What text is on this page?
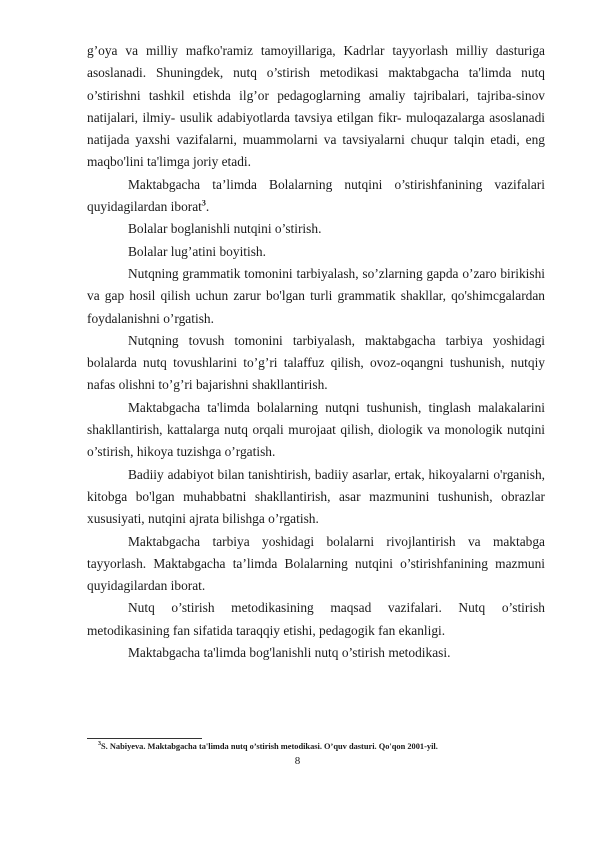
g’oya va milliy mafko'ramiz tamoyillariga, Kadrlar tayyorlash milliy dasturiga asoslanadi. Shuningdek, nutq o’stirish metodikasi maktabgacha ta'limda nutq o’stirishni tashkil etishda ilg’or pedagoglarning amaliy tajribalari, tajriba-sinov natijalari, ilmiy- usulik adabiyotlarda tavsiya etilgan fikr- muloqazalarga asoslanadi natijada yaxshi vazifalarni, muammolarni va tavsiyalarni chuqur talqin etadi, eng maqbo'lini ta'limga joriy etadi.

Maktabgacha ta’limda Bolalarning nutqini o’stirishfanining vazifalari quyidagilardan iborat$^3$.

Bolalar boglanishli nutqini o’stirish.

Bolalar lug’atini boyitish.

Nutqning grammatik tomonini tarbiyalash, so’zlarning gapda o’zaro birikishi va gap hosil qilish uchun zarur bo'lgan turli grammatik shakllar, qo'shimcgalardan foydalanishni o’rgatish.

Nutqning tovush tomonini tarbiyalash, maktabgacha tarbiya yoshidagi bolalarda nutq tovushlarini to’g’ri talaffuz qilish, ovoz-oqangni tushunish, nutqiy nafas olishni to’g’ri bajarishni shakllantirish.

Maktabgacha ta'limda bolalarning nutqni tushunish, tinglash malakalarini shakllantirish, kattalarga nutq orqali murojaat qilish, diologik va monologik nutqini o’stirish, hikoya tuzishga o’rgatish.

Badiiy adabiyot bilan tanishtirish, badiiy asarlar, ertak, hikoyalarni o'rganish, kitobga bo'lgan muhabbatni shakllantirish, asar mazmunini tushunish, obrazlar xususiyati, nutqini ajrata bilishga o’rgatish.

Maktabgacha tarbiya yoshidagi bolalarni rivojlantirish va maktabga tayyorlash. Maktabgacha ta’limda Bolalarning nutqini o’stirishfanining mazmuni quyidagilardan iborat.

Nutq o’stirish metodikasining maqsad vazifalari. Nutq o’stirish metodikasining fan sifatida taraqqiy etishi, pedagogik fan ekanligi.

Maktabgacha ta'limda bog'lanishli nutq o’stirish metodikasi.

$^3$S. Nabiyeva. Maktabgacha ta'limda nutq o’stirish metodikasi. O’quv dasturi. Qo'qon 2001-yil.
8
